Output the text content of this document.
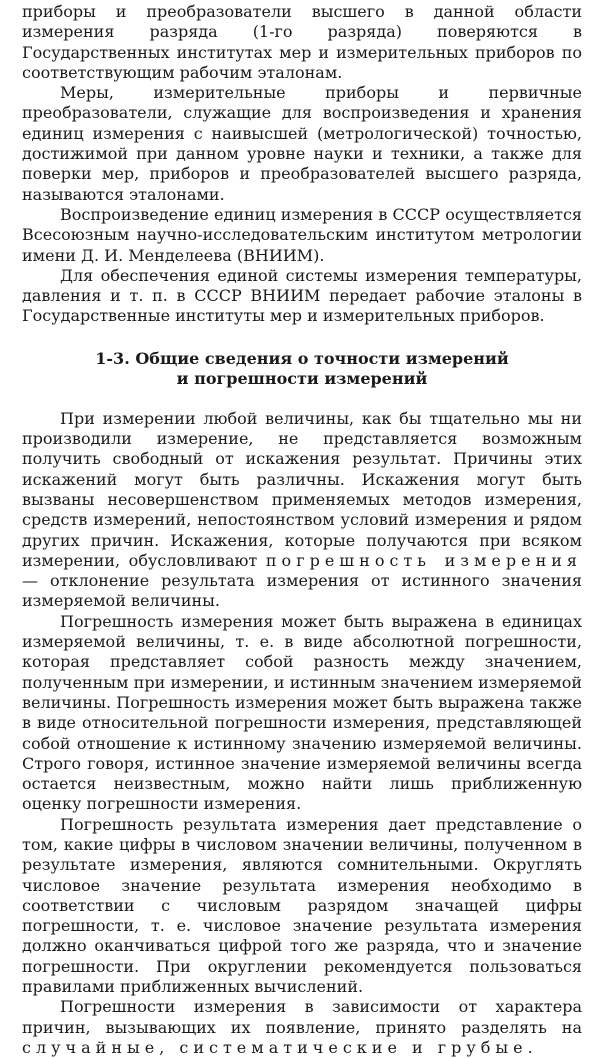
приборы и преобразователи высшего в данной области измерения разряда (1-го разряда) поверяются в Государственных институтах мер и измерительных приборов по соответствующим рабочим эталонам.

Меры, измерительные приборы и первичные преобразователи, служащие для воспроизведения и хранения единиц измерения с наивысшей (метрологической) точностью, достижимой при данном уровне науки и техники, а также для поверки мер, приборов и преобразователей высшего разряда, называются эталонами.

Воспроизведение единиц измерения в СССР осуществляется Всесоюзным научно-исследовательским институтом метрологии имени Д. И. Менделеева (ВНИИМ).

Для обеспечения единой системы измерения температуры, давления и т. п. в СССР ВНИИМ передает рабочие эталоны в Государственные институты мер и измерительных приборов.

1-3. Общие сведения о точности измерений
и погрешности измерений

При измерении любой величины, как бы тщательно мы ни производили измерение, не представляется возможным получить свободный от искажения результат. Причины этих искажений могут быть различны. Искажения могут быть вызваны несовершенством применяемых методов измерения, средств измерений, непостоянством условий измерения и рядом других причин. Искажения, которые получаются при всяком измерении, обусловливают погрешность измерения — отклонение результата измерения от истинного значения измеряемой величины.

Погрешность измерения может быть выражена в единицах измеряемой величины, т. е. в виде абсолютной погрешности, которая представляет собой разность между значением, полученным при измерении, и истинным значением измеряемой величины. Погрешность измерения может быть выражена также в виде относительной погрешности измерения, представляющей собой отношение к истинному значению измеряемой величины. Строго говоря, истинное значение измеряемой величины всегда остается неизвестным, можно найти лишь приближенную оценку погрешности измерения.

Погрешность результата измерения дает представление о том, какие цифры в числовом значении величины, полученном в результате измерения, являются сомнительными. Округлять числовое значение результата измерения необходимо в соответствии с числовым разрядом значащей цифры погрешности, т. е. числовое значение результата измерения должно оканчиваться цифрой того же разряда, что и значение погрешности. При округлении рекомендуется пользоваться правилами приближенных вычислений.

Погрешности измерения в зависимости от характера причин, вызывающих их появление, принято разделять на случайные, систематические и грубые.
